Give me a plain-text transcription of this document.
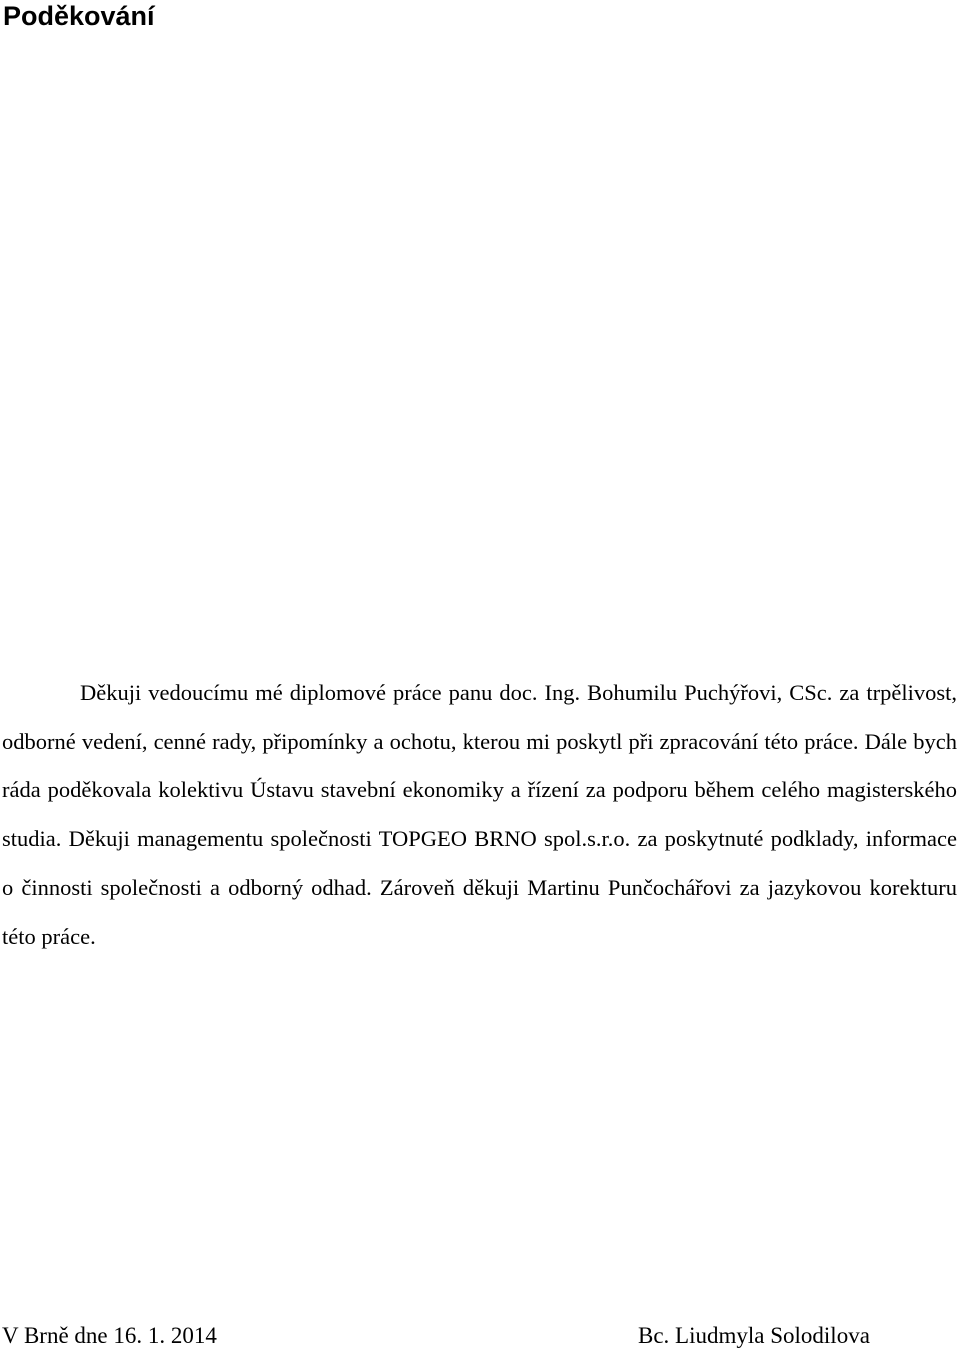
Poděkování

Děkuji vedoucímu mé diplomové práce panu doc. Ing. Bohumilu Puchýřovi, CSc. za trpělivost, odborné vedení, cenné rady, připomínky a ochotu, kterou mi poskytl při zpracování této práce. Dále bych ráda poděkovala kolektivu Ústavu stavební ekonomiky a řízení za podporu během celého magisterského studia. Děkuji managementu společnosti TOPGEO BRNO spol.s.r.o. za poskytnuté podklady, informace o činnosti společnosti a odborný odhad. Zároveň děkuji Martinu Punčochářovi za jazykovou korekturu této práce.

V Brně dne 16. 1. 2014	Bc. Liudmyla Solodilova
